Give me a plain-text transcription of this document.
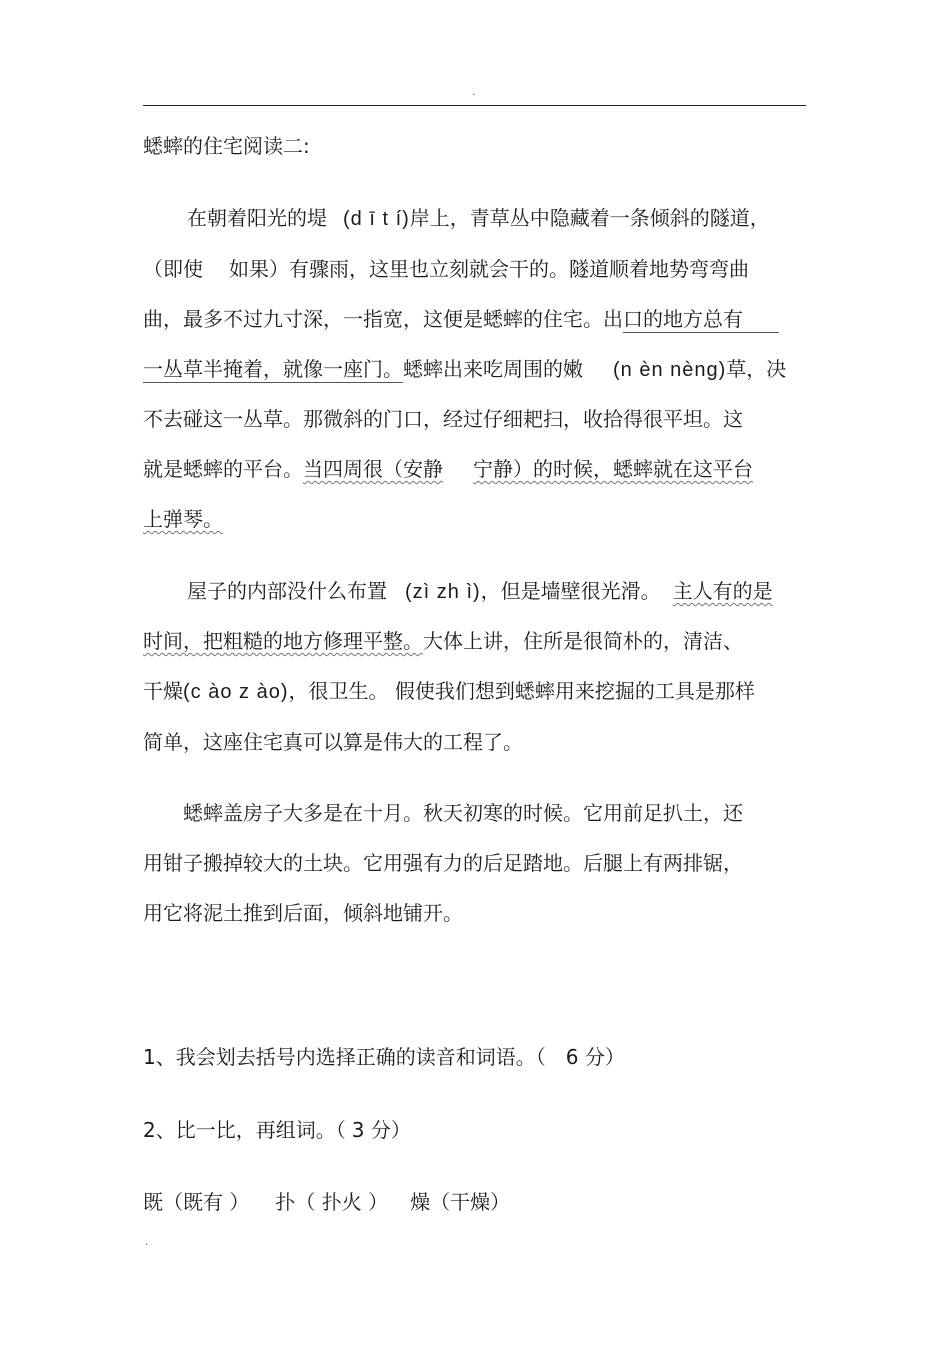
.
蟋蟀的住宅阅读二:
在朝着阳光的堤 (d ī t í)岸上，青草丛中隐藏着一条倾斜的隧道，
（即使 如果）有骤雨，这里也立刻就会干的。隧道顺着地势弯弯曲
曲，最多不过九寸深，一指宽，这便是蟋蟀的住宅。出口的地方总有
一丛草半掩着，就像一座门。蟋蟀出来吃周围的嫩 (n èn nèng)草，决
不去碰这一丛草。那微斜的门口，经过仔细耙扫，收拾得很平坦。这
就是蟋蟀的平台。当四周很（安静 宁静）的时候，蟋蟀就在这平台
上弹琴。
屋子的内部没什么布置 (zì zh ì)，但是墙壁很光滑。 主人有的是
时间，把粗糙的地方修理平整。大体上讲，住所是很简朴的，清洁、
干燥(c ào z ào)，很卫生。 假使我们想到蟋蟀用来挖掘的工具是那样
简单，这座住宅真可以算是伟大的工程了。
蟋蟀盖房子大多是在十月。秋天初寒的时候。它用前足扒土，还
用钳子搬掉较大的土块。它用强有力的后足踏地。后腿上有两排锯，
用它将泥土推到后面，倾斜地铺开。
1、我会划去括号内选择正确的读音和词语。（ 6 分）
2、比一比，再组词。（ 3 分）
既（既有 ） 扑（ 扑火 ） 燥（干燥）
.
